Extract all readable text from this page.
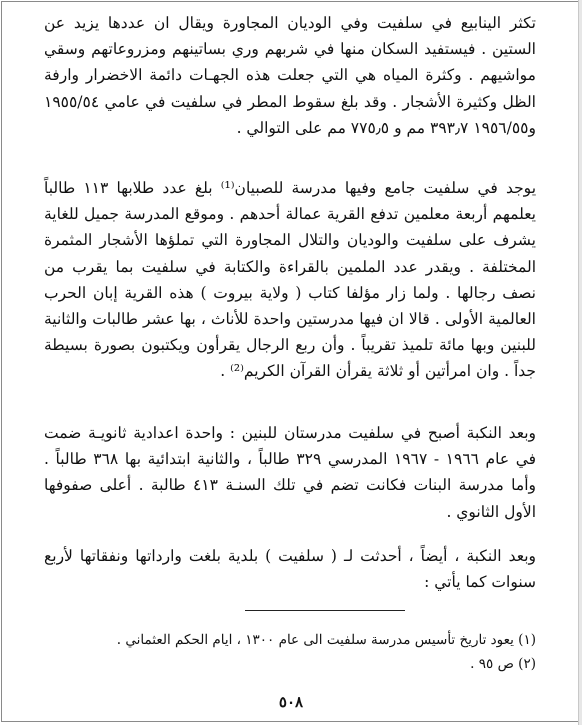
تكثر الينابيع في سلفيت وفي الوديان المجاورة ويقال ان عددها يزيد عن الستين . فيستفيد السكان منها في شربهم وري بساتينهم ومزروعاتهم وسقي مواشيهم . وكثرة المياه هي التي جعلت هذه الجهـات دائمة الاخضرار وارفة الظل وكثيرة الأشجار . وقد بلغ سقوط المطر في سلفيت في عامي ١٩٥٥/٥٤ و١٩٥٦/٥٥ ٣٩٣٫٧ مم و ٧٧٥٫٥ مم على التوالي .

يوجد في سلفيت جامع وفيها مدرسة للصبيان⁽¹⁾ بلغ عدد طلابها ١١٣ طالباً يعلمهم أربعة معلمين تدفع القرية عمالة أحدهم . وموقع المدرسة جميل للغاية يشرف على سلفيت والوديان والتلال المجاورة التي تملؤها الأشجار المثمرة المختلفة . ويقدر عدد الملمين بالقراءة والكتابة في سلفيت بما يقرب من نصف رجالها . ولما زار مؤلفا كتاب ( ولاية بيروت ) هذه القرية إبان الحرب العالمية الأولى . قالا ان فيها مدرستين واحدة للأناث ، بها عشر طالبات والثانية للبنين وبها مائة تلميذ تقريباً . وأن ربع الرجال يقرأون ويكتبون بصورة بسيطة جداً . وان امرأتين أو ثلاثة يقرأن القرآن الكريم⁽²⁾ .

وبعد النكبة أصبح في سلفيت مدرستان للبنين : واحدة اعدادية ثانويـة ضمت في عام ١٩٦٦ - ١٩٦٧ المدرسي ٣٢٩ طالباً ، والثانية ابتدائية بها ٣٦٨ طالباً . وأما مدرسة البنات فكانت تضم في تلك السنـة ٤١٣ طالبة . أعلى صفوفها الأول الثانوي .

وبعد النكبة ، أيضاً ، أحدثت لـ ( سلفيت ) بلدية بلغت وارداتها ونفقاتها لأربع سنوات كما يأتي :

(١) يعود تاريخ تأسيس مدرسة سلفيت الى عام ١٣٠٠ ، ايام الحكم العثماني .

(٢) ص ٩٥ .

٥٠٨
